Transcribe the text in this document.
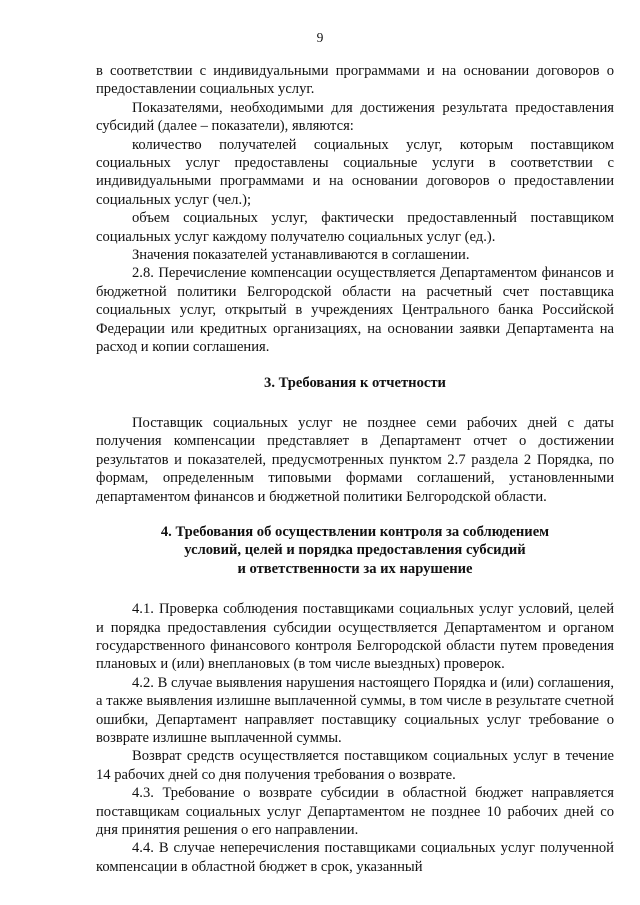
9

в соответствии с индивидуальными программами и на основании договоров о предоставлении социальных услуг.

Показателями, необходимыми для достижения результата предоставления субсидий (далее – показатели), являются:

количество получателей социальных услуг, которым поставщиком социальных услуг предоставлены социальные услуги в соответствии с индивидуальными программами и на основании договоров о предоставлении социальных услуг (чел.);

объем социальных услуг, фактически предоставленный поставщиком социальных услуг каждому получателю социальных услуг (ед.).

Значения показателей устанавливаются в соглашении.

2.8. Перечисление компенсации осуществляется Департаментом финансов и бюджетной политики Белгородской области на расчетный счет поставщика социальных услуг, открытый в учреждениях Центрального банка Российской Федерации или кредитных организациях, на основании заявки Департамента на расход и копии соглашения.

3. Требования к отчетности

Поставщик социальных услуг не позднее семи рабочих дней с даты получения компенсации представляет в Департамент отчет о достижении результатов и показателей, предусмотренных пунктом 2.7 раздела 2 Порядка, по формам, определенным типовыми формами соглашений, установленными департаментом финансов и бюджетной политики Белгородской области.

4. Требования об осуществлении контроля за соблюдением

условий, целей и порядка предоставления субсидий

и ответственности за их нарушение

4.1. Проверка соблюдения поставщиками социальных услуг условий, целей и порядка предоставления субсидии осуществляется Департаментом и органом государственного финансового контроля Белгородской области путем проведения плановых и (или) внеплановых (в том числе выездных) проверок.

4.2. В случае выявления нарушения настоящего Порядка и (или) соглашения, а также выявления излишне выплаченной суммы, в том числе в результате счетной ошибки, Департамент направляет поставщику социальных услуг требование о возврате излишне выплаченной суммы.

Возврат средств осуществляется поставщиком социальных услуг в течение 14 рабочих дней со дня получения требования о возврате.

4.3. Требование о возврате субсидии в областной бюджет направляется поставщикам социальных услуг Департаментом не позднее 10 рабочих дней со дня принятия решения о его направлении.

4.4. В случае неперечисления поставщиками социальных услуг полученной компенсации в областной бюджет в срок, указанный
